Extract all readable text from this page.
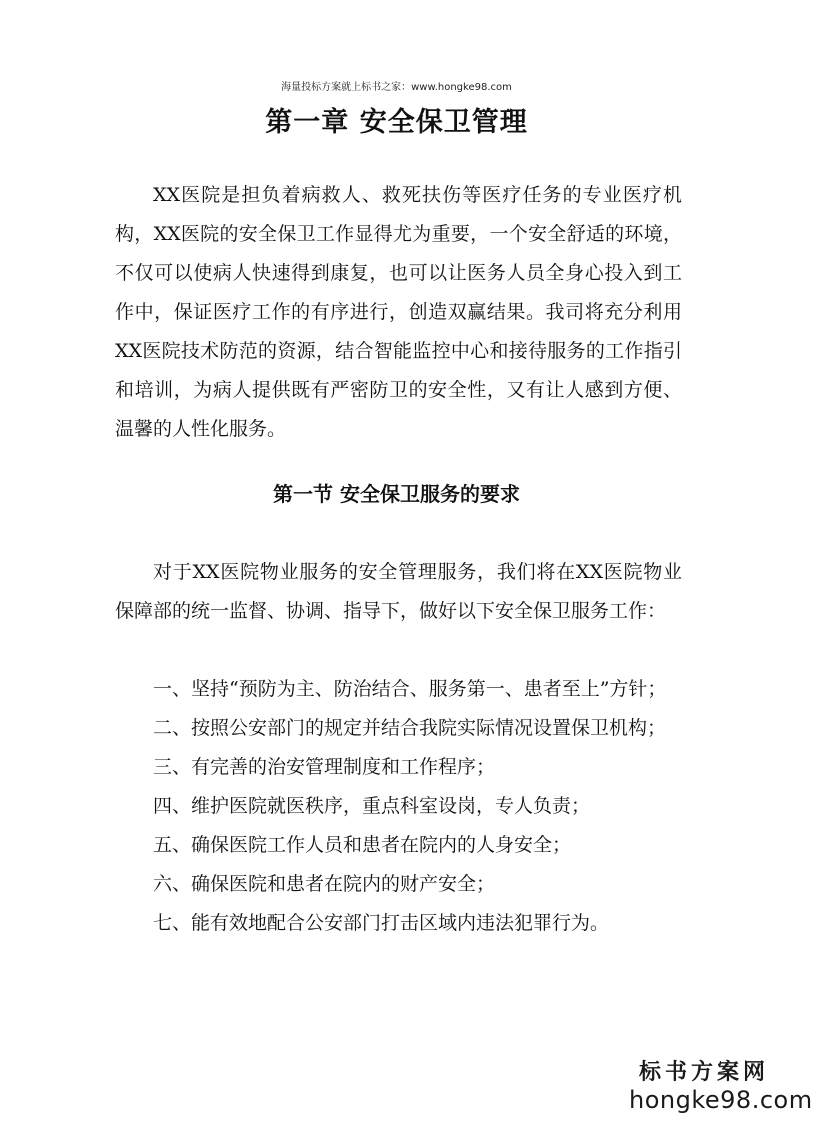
海量投标方案就上标书之家：www.hongke98.com
第一章 安全保卫管理

XX医院是担负着病救人、救死扶伤等医疗任务的专业医疗机构，XX医院的安全保卫工作显得尤为重要，一个安全舒适的环境，不仅可以使病人快速得到康复，也可以让医务人员全身心投入到工作中，保证医疗工作的有序进行，创造双赢结果。我司将充分利用XX医院技术防范的资源，结合智能监控中心和接待服务的工作指引和培训，为病人提供既有严密防卫的安全性，又有让人感到方便、温馨的人性化服务。

第一节 安全保卫服务的要求

对于XX医院物业服务的安全管理服务，我们将在XX医院物业保障部的统一监督、协调、指导下，做好以下安全保卫服务工作：

一、坚持“预防为主、防治结合、服务第一、患者至上”方针；
二、按照公安部门的规定并结合我院实际情况设置保卫机构；
三、有完善的治安管理制度和工作程序；
四、维护医院就医秩序，重点科室设岗，专人负责；
五、确保医院工作人员和患者在院内的人身安全；
六、确保医院和患者在院内的财产安全；
七、能有效地配合公安部门打击区域内违法犯罪行为。
标书方案网
hongke98.com
